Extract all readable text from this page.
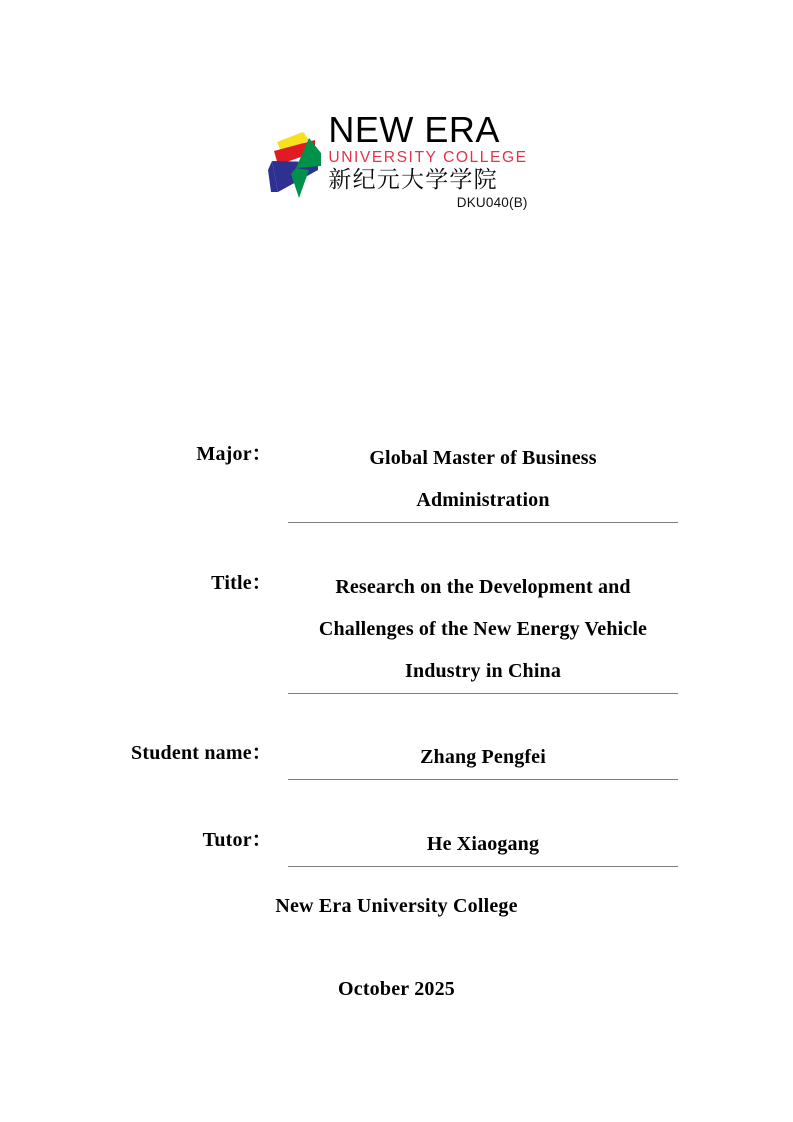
NEW ERA
UNIVERSITY COLLEGE
新纪元大学学院
DKU040(B)
Major：	Global Master of Business
Administration
Title：	Research on the Development and
Challenges of the New Energy Vehicle
Industry in China
Student name：	Zhang Pengfei
Tutor：	He Xiaogang
New Era University College
October 2025
